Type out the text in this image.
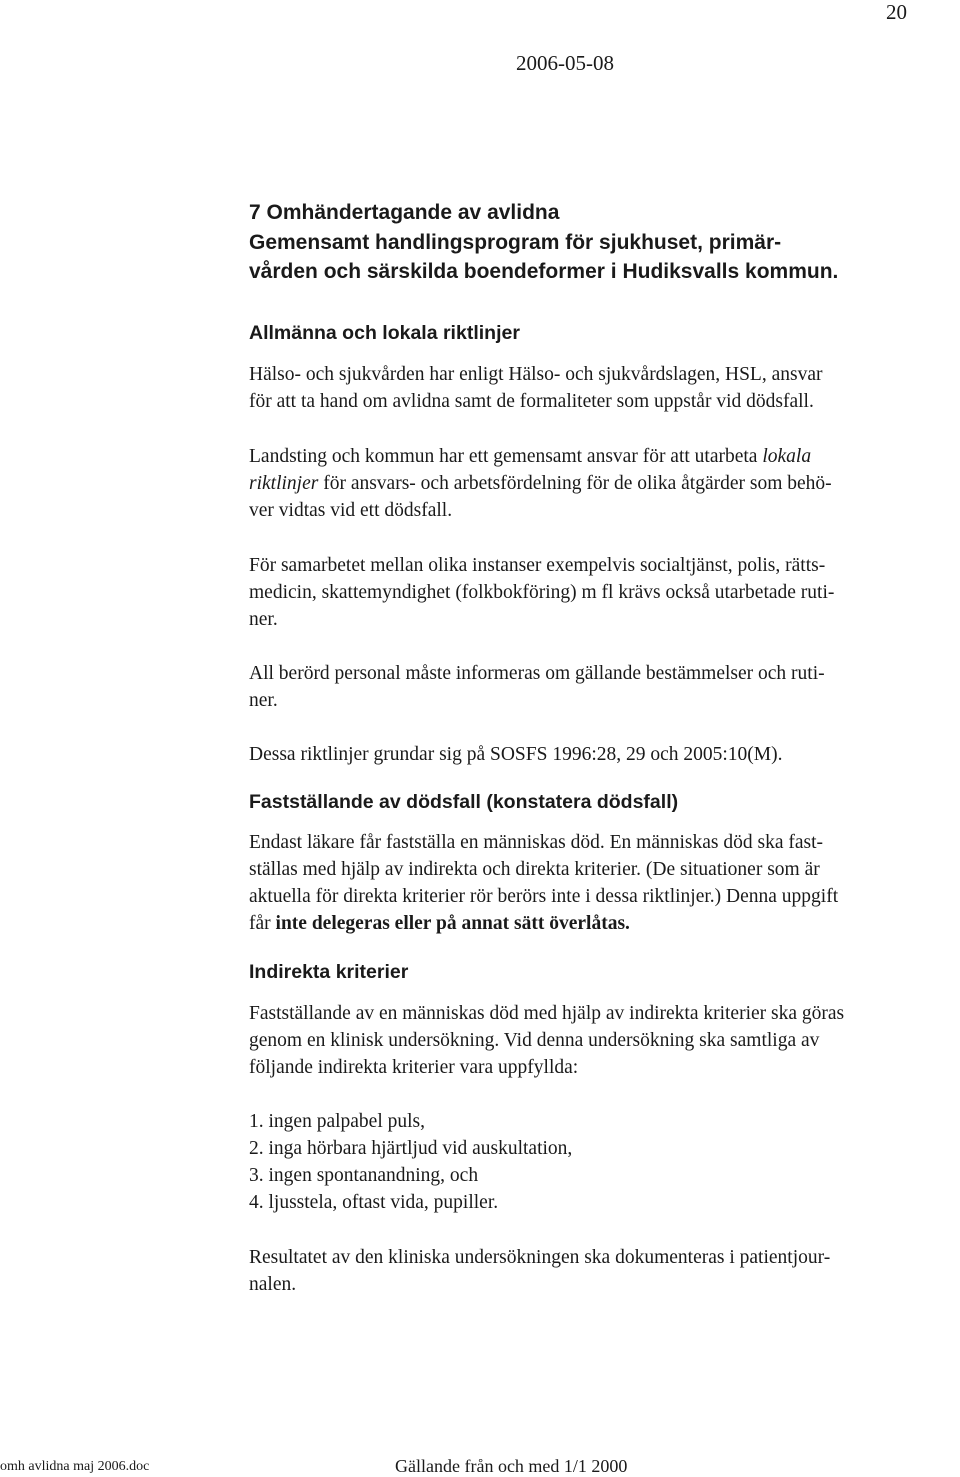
20
2006-05-08
7 Omhändertagande av avlidna
Gemensamt handlingsprogram för sjukhuset, primär-
vården och särskilda boendeformer i Hudiksvalls kommun.
Allmänna och lokala riktlinjer
Hälso- och sjukvården har enligt Hälso- och sjukvårdslagen, HSL, ansvar
för att ta hand om avlidna samt de formaliteter som uppstår vid dödsfall.
Landsting och kommun har ett gemensamt ansvar för att utarbeta lokala
riktlinjer för ansvars- och arbetsfördelning för de olika åtgärder som behö-
ver vidtas vid ett dödsfall.
För samarbetet mellan olika instanser exempelvis socialtjänst, polis, rätts-
medicin, skattemyndighet (folkbokföring) m fl krävs också utarbetade ruti-
ner.
All berörd personal måste informeras om gällande bestämmelser och ruti-
ner.
Dessa riktlinjer grundar sig på SOSFS 1996:28, 29 och 2005:10(M).
Fastställande av dödsfall (konstatera dödsfall)
Endast läkare får fastställa en människas död. En människas död ska fast-
ställas med hjälp av indirekta och direkta kriterier. (De situationer som är
aktuella för direkta kriterier rör berörs inte i dessa riktlinjer.) Denna uppgift
får inte delegeras eller på annat sätt överlåtas.
Indirekta kriterier
Fastställande av en människas död med hjälp av indirekta kriterier ska göras
genom en klinisk undersökning. Vid denna undersökning ska samtliga av
följande indirekta kriterier vara uppfyllda:
1. ingen palpabel puls,
2. inga hörbara hjärtljud vid auskultation,
3. ingen spontanandning, och
4. ljusstela, oftast vida, pupiller.
Resultatet av den kliniska undersökningen ska dokumenteras i patientjour-
nalen.
omh avlidna maj 2006.doc	Gällande från och med 1/1 2000
